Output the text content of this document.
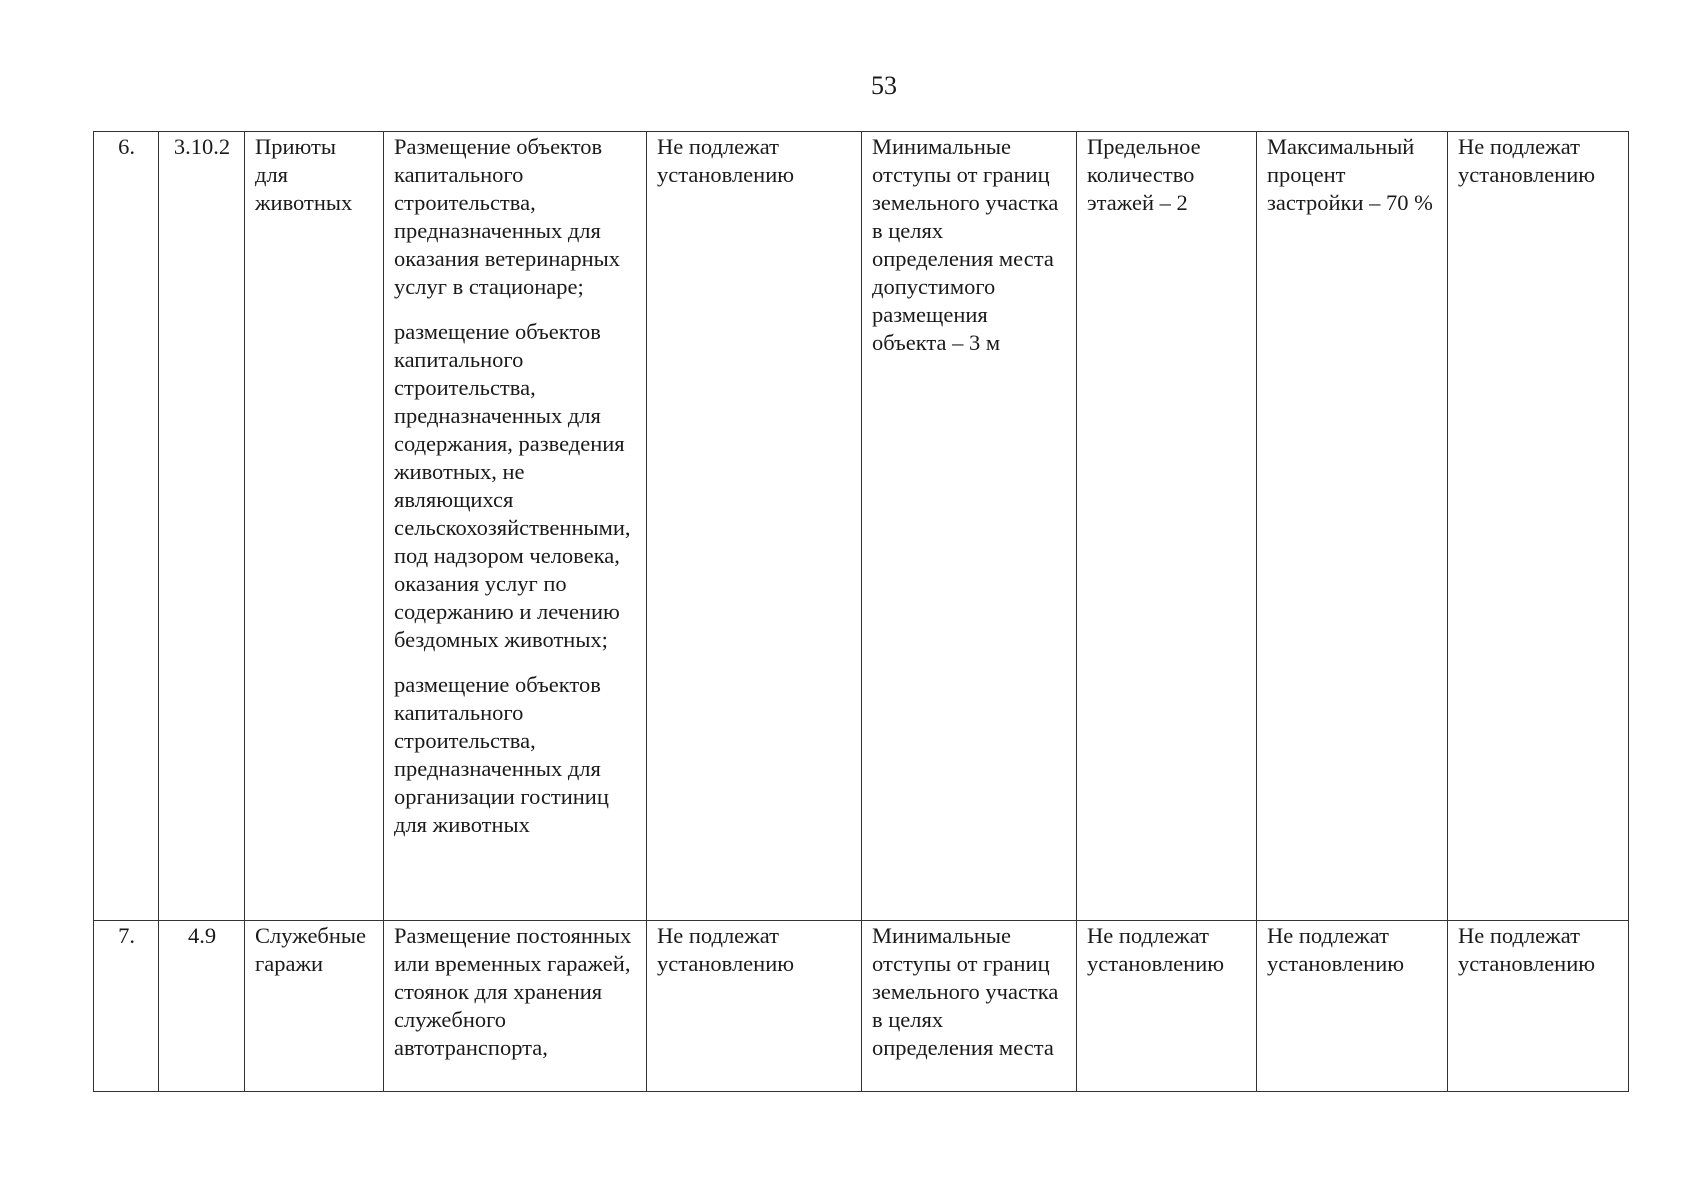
53
6.	3.10.2	Приюты для животных	Размещение объектов капитального строительства, предназначенных для оказания ветеринарных услуг в стационаре;
размещение объектов капитального строительства, предназначенных для содержания, разведения животных, не являющихся сельскохозяйственными, под надзором человека, оказания услуг по содержанию и лечению бездомных животных;
размещение объектов капитального строительства, предназначенных для организации гостиниц для животных	Не подлежат установлению	Минимальные отступы от границ земельного участка в целях определения места допустимого размещения объекта – 3 м	Предельное количество этажей – 2	Максимальный процент застройки – 70 %	Не подлежат установлению
7.	4.9	Служебные гаражи	Размещение постоянных или временных гаражей, стоянок для хранения служебного автотранспорта,	Не подлежат установлению	Минимальные отступы от границ земельного участка в целях определения места	Не подлежат установлению	Не подлежат установлению	Не подлежат установлению
